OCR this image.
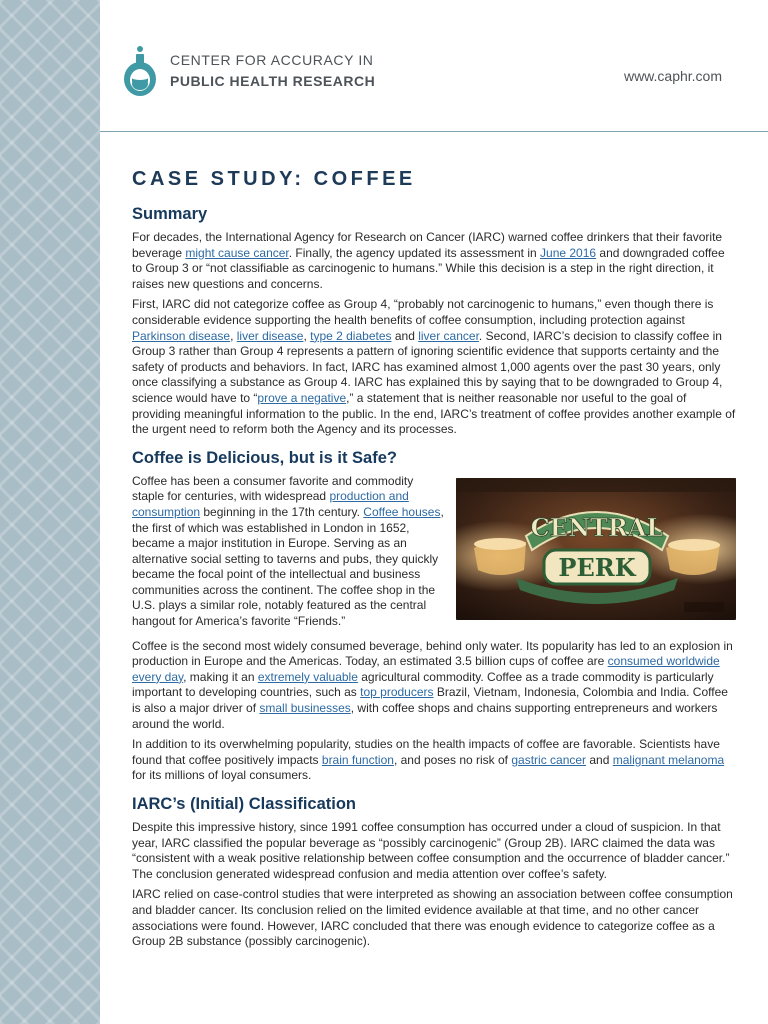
CENTER FOR ACCURACY IN
PUBLIC HEALTH RESEARCH	www.caphr.com
CASE STUDY: COFFEE
Summary

For decades, the International Agency for Research on Cancer (IARC) warned coffee drinkers that their favorite beverage might cause cancer. Finally, the agency updated its assessment in June 2016 and downgraded coffee to Group 3 or “not classifiable as carcinogenic to humans.” While this decision is a step in the right direction, it raises new questions and concerns.

First, IARC did not categorize coffee as Group 4, “probably not carcinogenic to humans,” even though there is considerable evidence supporting the health benefits of coffee consumption, including protection against Parkinson disease, liver disease, type 2 diabetes and liver cancer. Second, IARC’s decision to classify coffee in Group 3 rather than Group 4 represents a pattern of ignoring scientific evidence that supports certainty and the safety of products and behaviors. In fact, IARC has examined almost 1,000 agents over the past 30 years, only once classifying a substance as Group 4. IARC has explained this by saying that to be downgraded to Group 4, science would have to “prove a negative,” a statement that is neither reasonable nor useful to the goal of providing meaningful information to the public. In the end, IARC’s treatment of coffee provides another example of the urgent need to reform both the Agency and its processes.

Coffee is Delicious, but is it Safe?
CENTRAL
PERK

Coffee has been a consumer favorite and commodity staple for centuries, with widespread production and consumption beginning in the 17th century. Coffee houses, the first of which was established in London in 1652, became a major institution in Europe. Serving as an alternative social setting to taverns and pubs, they quickly became the focal point of the intellectual and business communities across the continent. The coffee shop in the U.S. plays a similar role, notably featured as the central hangout for America’s favorite “Friends.”

Coffee is the second most widely consumed beverage, behind only water. Its popularity has led to an explosion in production in Europe and the Americas. Today, an estimated 3.5 billion cups of coffee are consumed worldwide every day, making it an extremely valuable agricultural commodity. Coffee as a trade commodity is particularly important to developing countries, such as top producers Brazil, Vietnam, Indonesia, Colombia and India. Coffee is also a major driver of small businesses, with coffee shops and chains supporting entrepreneurs and workers around the world.

In addition to its overwhelming popularity, studies on the health impacts of coffee are favorable. Scientists have found that coffee positively impacts brain function, and poses no risk of gastric cancer and malignant melanoma for its millions of loyal consumers.

IARC’s (Initial) Classification

Despite this impressive history, since 1991 coffee consumption has occurred under a cloud of suspicion. In that year, IARC classified the popular beverage as “possibly carcinogenic” (Group 2B). IARC claimed the data was “consistent with a weak positive relationship between coffee consumption and the occurrence of bladder cancer.” The conclusion generated widespread confusion and media attention over coffee’s safety.

IARC relied on case-control studies that were interpreted as showing an association between coffee consumption and bladder cancer. Its conclusion relied on the limited evidence available at that time, and no other cancer associations were found. However, IARC concluded that there was enough evidence to categorize coffee as a Group 2B substance (possibly carcinogenic).
